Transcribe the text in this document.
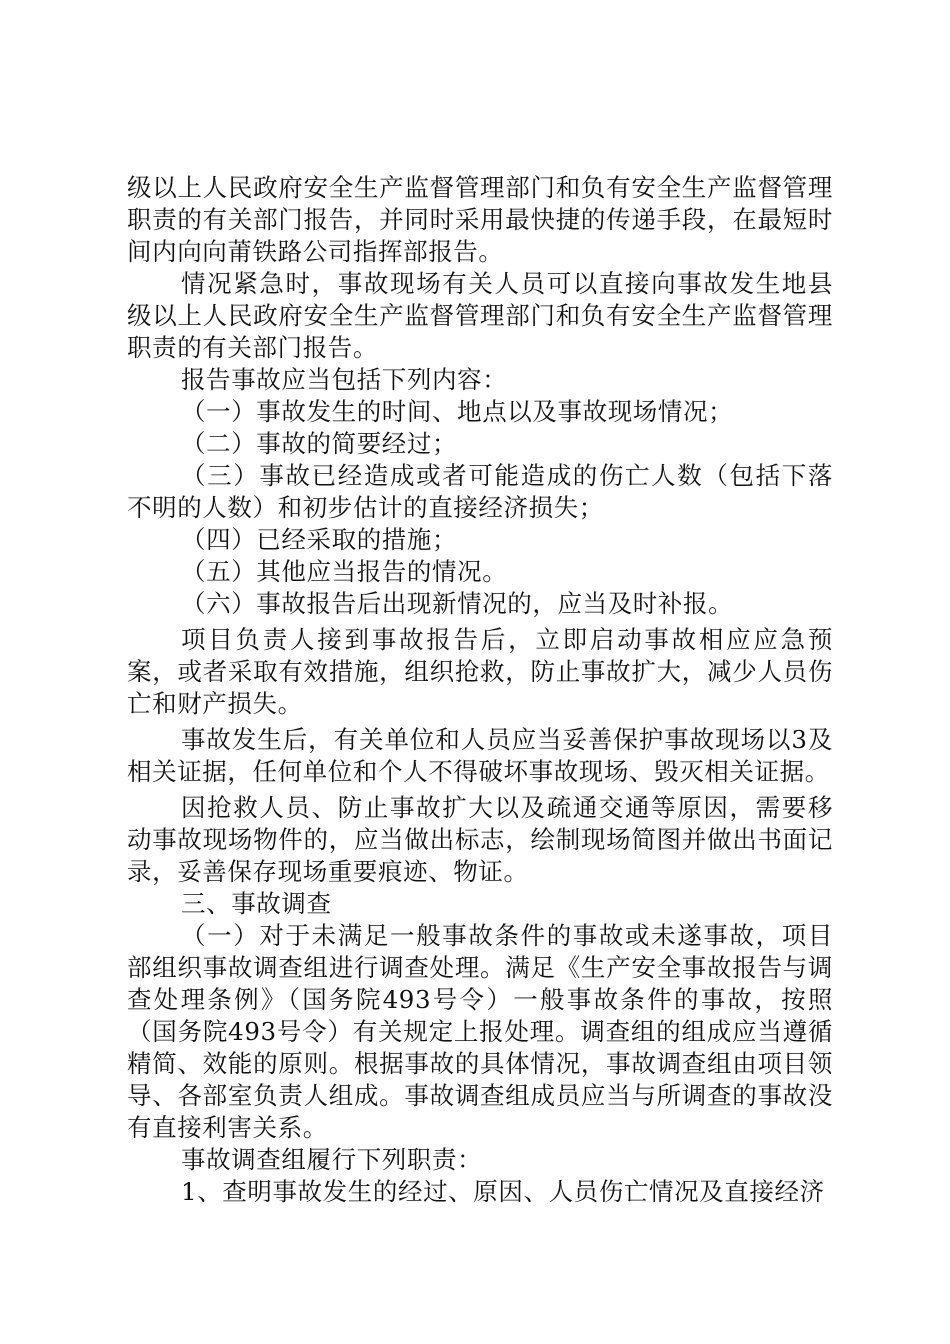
级以上人民政府安全生产监督管理部门和负有安全生产监督管理职责的有关部门报告，并同时采用最快捷的传递手段，在最短时间内向向莆铁路公司指挥部报告。

情况紧急时，事故现场有关人员可以直接向事故发生地县级以上人民政府安全生产监督管理部门和负有安全生产监督管理职责的有关部门报告。

报告事故应当包括下列内容：

（一）事故发生的时间、地点以及事故现场情况；

（二）事故的简要经过；

（三）事故已经造成或者可能造成的伤亡人数（包括下落不明的人数）和初步估计的直接经济损失；

（四）已经采取的措施；

（五）其他应当报告的情况。

（六）事故报告后出现新情况的，应当及时补报。

项目负责人接到事故报告后，立即启动事故相应应急预案，或者采取有效措施，组织抢救，防止事故扩大，减少人员伤亡和财产损失。

事故发生后，有关单位和人员应当妥善保护事故现场以3及相关证据，任何单位和个人不得破坏事故现场、毁灭相关证据。

因抢救人员、防止事故扩大以及疏通交通等原因，需要移动事故现场物件的，应当做出标志，绘制现场简图并做出书面记录，妥善保存现场重要痕迹、物证。

三、事故调查

（一）对于未满足一般事故条件的事故或未遂事故，项目部组织事故调查组进行调查处理。满足《生产安全事故报告与调查处理条例》（国务院493号令）一般事故条件的事故，按照（国务院493号令）有关规定上报处理。调查组的组成应当遵循精简、效能的原则。根据事故的具体情况，事故调查组由项目领导、各部室负责人组成。事故调查组成员应当与所调查的事故没有直接利害关系。

事故调查组履行下列职责：

1、查明事故发生的经过、原因、人员伤亡情况及直接经济
